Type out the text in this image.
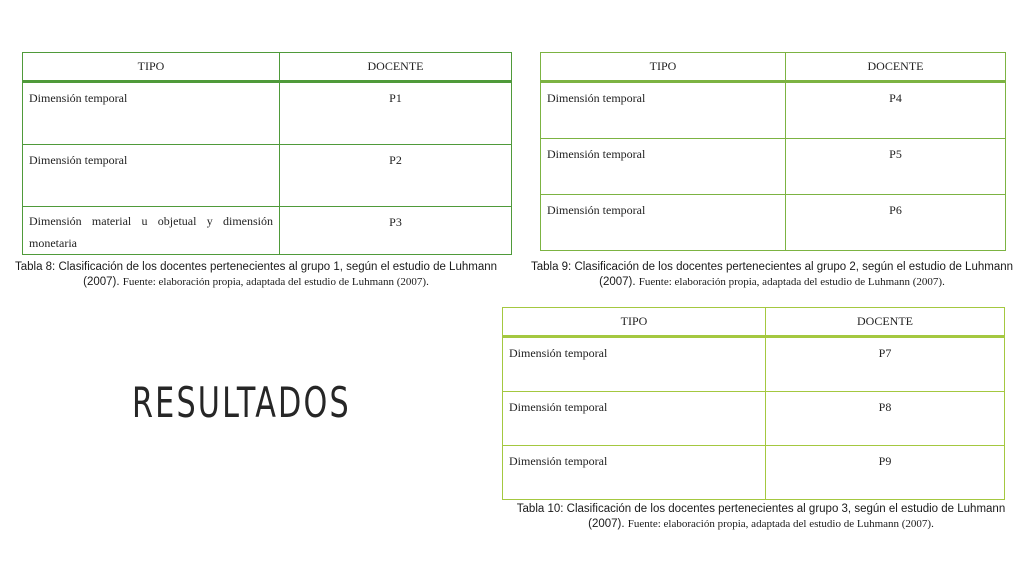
TIPO	DOCENTE
Dimensión temporal	P1
Dimensión temporal	P2
Dimensión material u objetual y dimensión
monetaria	P3
Tabla 8: Clasificación de los docentes pertenecientes al grupo 1, según el estudio de Luhmann (2007). Fuente: elaboración propia, adaptada del estudio de Luhmann (2007).
TIPO	DOCENTE
Dimensión temporal	P4
Dimensión temporal	P5
Dimensión temporal	P6
Tabla 9: Clasificación de los docentes pertenecientes al grupo 2, según el estudio de Luhmann (2007). Fuente: elaboración propia, adaptada del estudio de Luhmann (2007).
TIPO	DOCENTE
Dimensión temporal	P7
Dimensión temporal	P8
Dimensión temporal	P9
Tabla 10: Clasificación de los docentes pertenecientes al grupo 3, según el estudio de Luhmann (2007). Fuente: elaboración propia, adaptada del estudio de Luhmann (2007).
RESULTADOS
